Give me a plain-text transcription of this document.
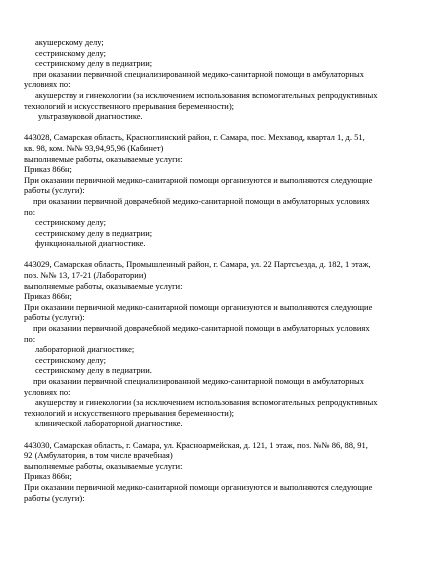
акушерскому делу;
сестринскому делу;
сестринскому делу в педиатрии;
при оказании первичной специализированной медико-санитарной помощи в амбулаторных
условиях по:
акушерству и гинекологии (за исключением использования вспомогательных репродуктивных
технологий и искусственного прерывания беременности);
ультразвуковой диагностике.
443028, Самарская область, Красноглинский район, г. Самара, пос. Мехзавод, квартал 1, д. 51,
кв. 98, ком. №№ 93,94,95,96 (Кабинет)
выполняемые работы, оказываемые услуги:
Приказ 866н;
При оказании первичной медико-санитарной помощи организуются и выполняются следующие
работы (услуги):
при оказании первичной доврачебной медико-санитарной помощи в амбулаторных условиях
по:
сестринскому делу;
сестринскому делу в педиатрии;
функциональной диагностике.
443029, Самарская область, Промышленный район, г. Самара, ул. 22 Партсъезда, д. 182, 1 этаж,
поз. №№ 13, 17-21 (Лаборатории)
выполняемые работы, оказываемые услуги:
Приказ 866н;
При оказании первичной медико-санитарной помощи организуются и выполняются следующие
работы (услуги):
при оказании первичной доврачебной медико-санитарной помощи в амбулаторных условиях
по:
лабораторной диагностике;
сестринскому делу;
сестринскому делу в педиатрии.
при оказании первичной специализированной медико-санитарной помощи в амбулаторных
условиях по:
акушерству и гинекологии (за исключением использования вспомогательных репродуктивных
технологий и искусственного прерывания беременности);
клинической лабораторной диагностике.
443030, Самарская область, г. Самара, ул. Красноармейская, д. 121, 1 этаж, поз. №№ 86, 88, 91,
92 (Амбулатория, в том числе врачебная)
выполняемые работы, оказываемые услуги:
Приказ 866н;
При оказании первичной медико-санитарной помощи организуются и выполняются следующие
работы (услуги):
